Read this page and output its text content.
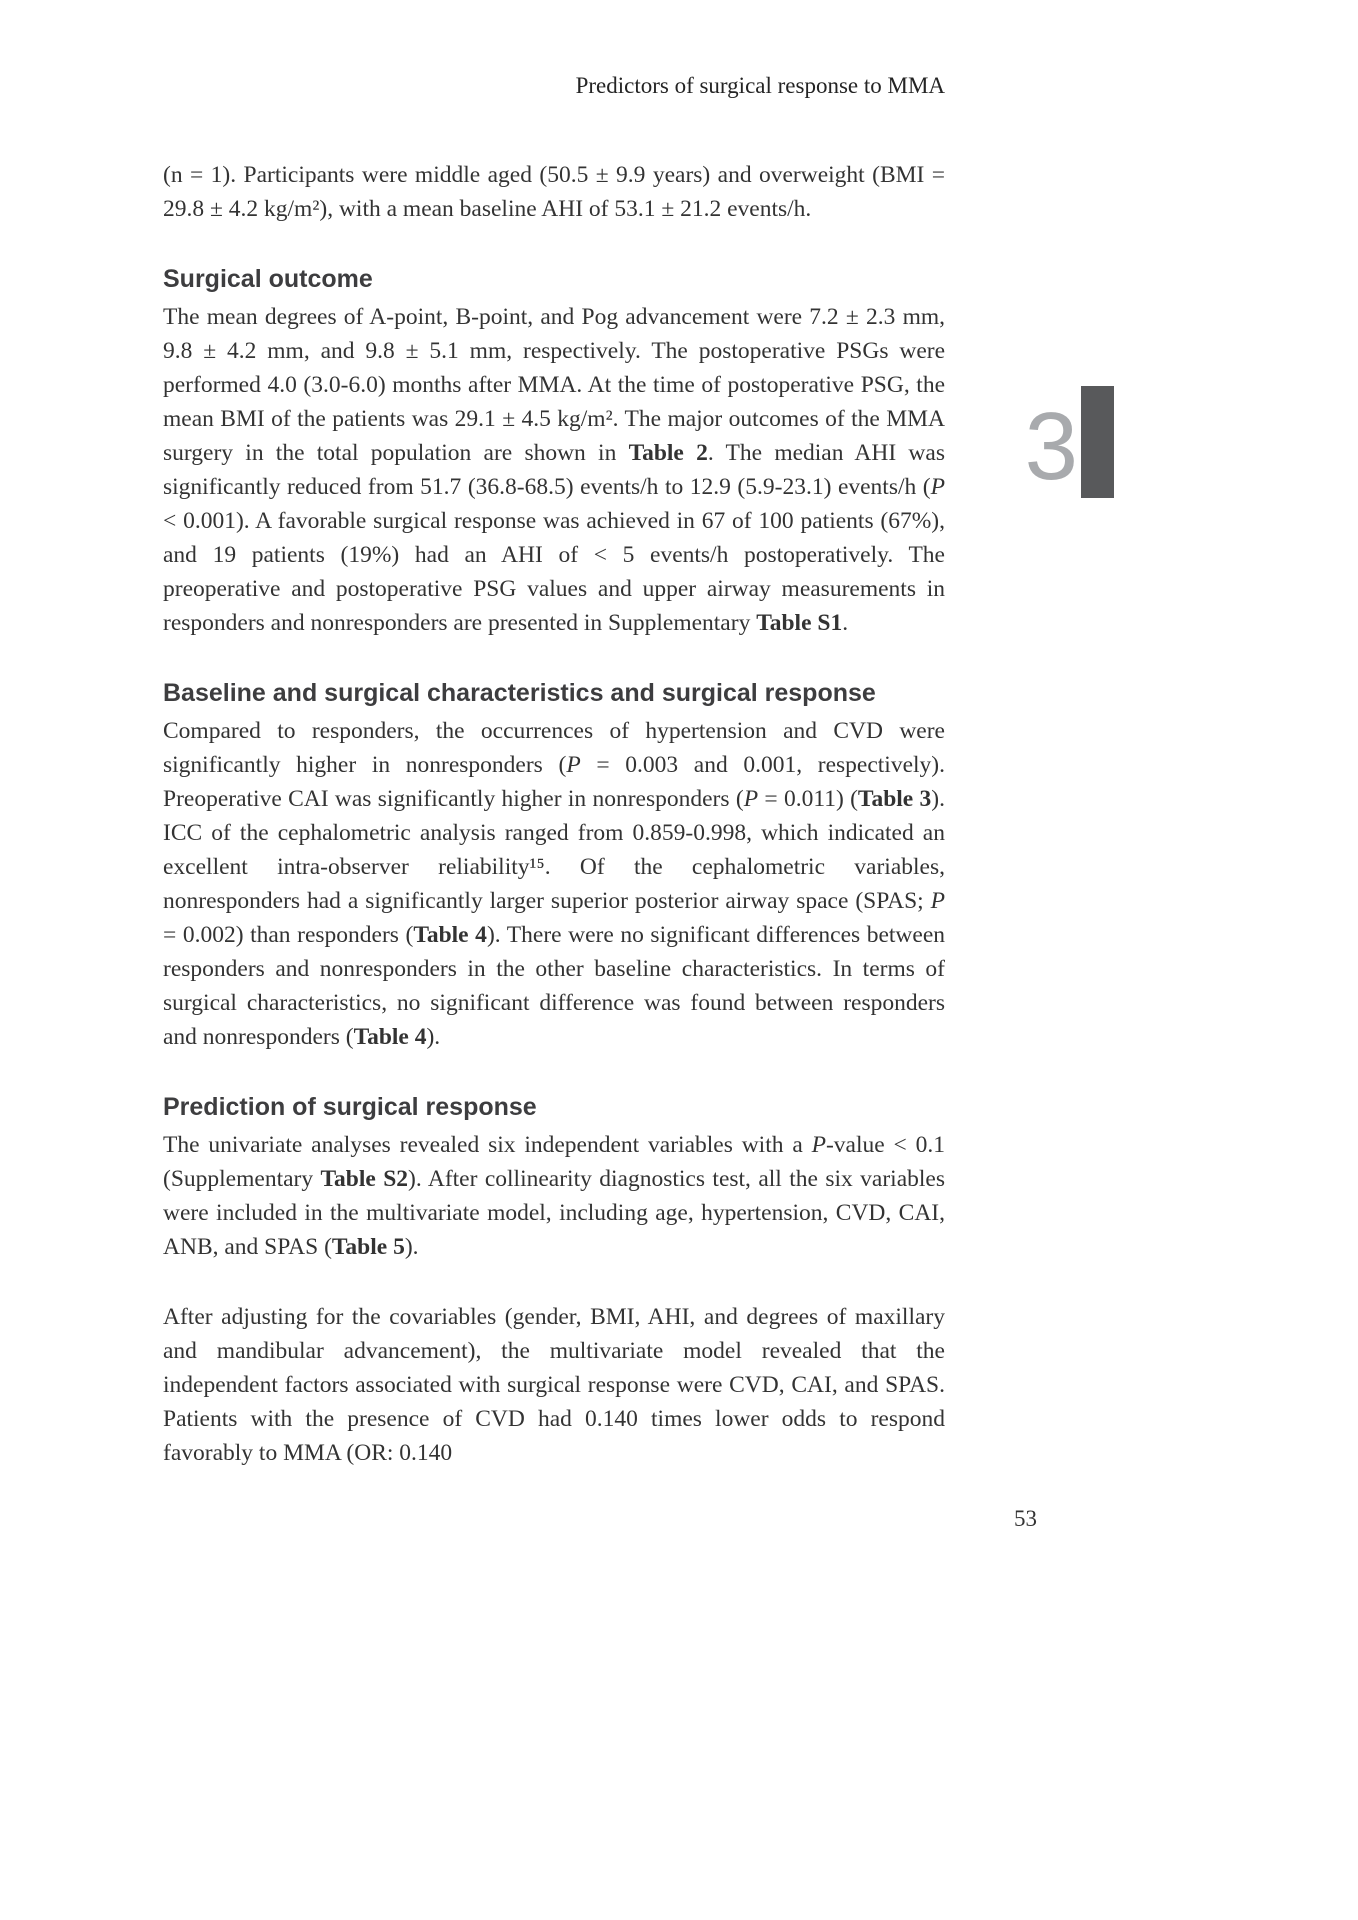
Predictors of surgical response to MMA
3

(n = 1). Participants were middle aged (50.5 ± 9.9 years) and overweight (BMI = 29.8 ± 4.2 kg/m²), with a mean baseline AHI of 53.1 ± 21.2 events/h.

Surgical outcome

The mean degrees of A-point, B-point, and Pog advancement were 7.2 ± 2.3 mm, 9.8 ± 4.2 mm, and 9.8 ± 5.1 mm, respectively. The postoperative PSGs were performed 4.0 (3.0-6.0) months after MMA. At the time of postoperative PSG, the mean BMI of the patients was 29.1 ± 4.5 kg/m². The major outcomes of the MMA surgery in the total population are shown in Table 2. The median AHI was significantly reduced from 51.7 (36.8-68.5) events/h to 12.9 (5.9-23.1) events/h (P < 0.001). A favorable surgical response was achieved in 67 of 100 patients (67%), and 19 patients (19%) had an AHI of < 5 events/h postoperatively. The preoperative and postoperative PSG values and upper airway measurements in responders and nonresponders are presented in Supplementary Table S1.

Baseline and surgical characteristics and surgical response

Compared to responders, the occurrences of hypertension and CVD were significantly higher in nonresponders (P = 0.003 and 0.001, respectively). Preoperative CAI was significantly higher in nonresponders (P = 0.011) (Table 3). ICC of the cephalometric analysis ranged from 0.859-0.998, which indicated an excellent intra-observer reliability¹⁵. Of the cephalometric variables, nonresponders had a significantly larger superior posterior airway space (SPAS; P = 0.002) than responders (Table 4). There were no significant differences between responders and nonresponders in the other baseline characteristics. In terms of surgical characteristics, no significant difference was found between responders and nonresponders (Table 4).

Prediction of surgical response

The univariate analyses revealed six independent variables with a P-value < 0.1 (Supplementary Table S2). After collinearity diagnostics test, all the six variables were included in the multivariate model, including age, hypertension, CVD, CAI, ANB, and SPAS (Table 5).

After adjusting for the covariables (gender, BMI, AHI, and degrees of maxillary and mandibular advancement), the multivariate model revealed that the independent factors associated with surgical response were CVD, CAI, and SPAS. Patients with the presence of CVD had 0.140 times lower odds to respond favorably to MMA (OR: 0.140

53
